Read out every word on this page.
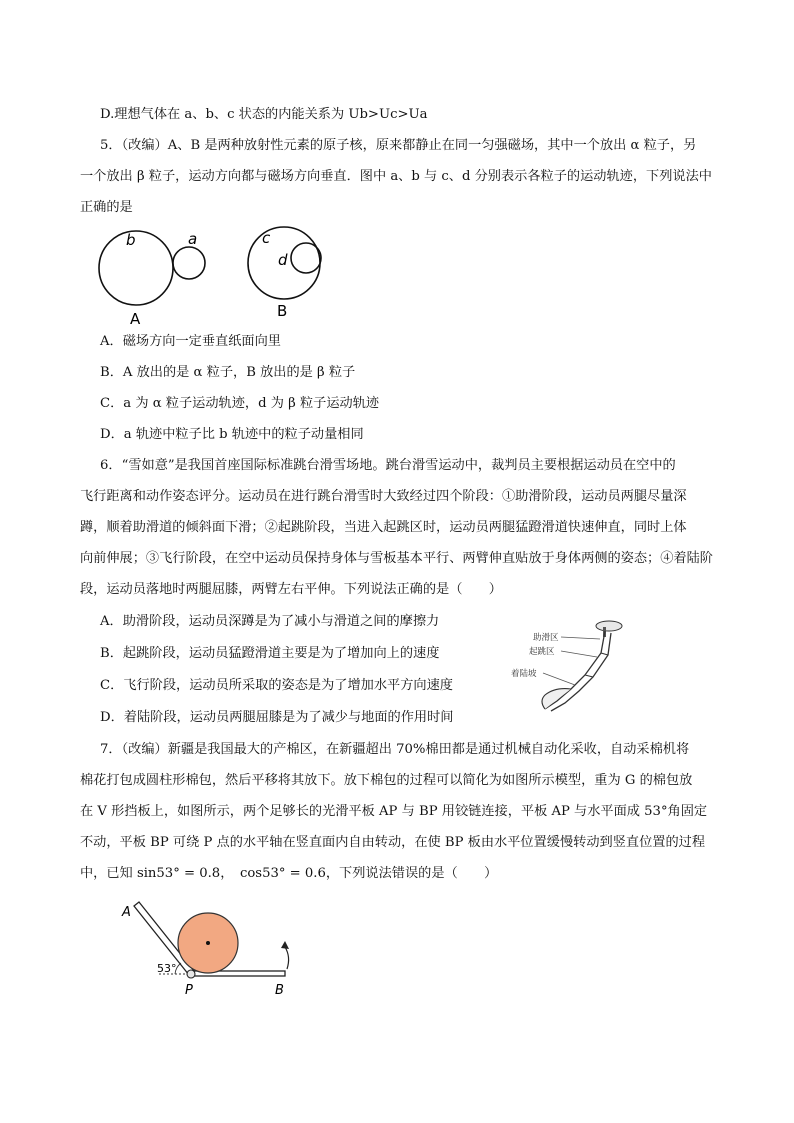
D.理想气体在 a、b、c 状态的内能关系为 Ub>Uc>Ua
5．（改编）A、B 是两种放射性元素的原子核，原来都静止在同一匀强磁场，其中一个放出 α 粒子，另
一个放出 β 粒子，运动方向都与磁场方向垂直．图中 a、b 与 c、d 分别表示各粒子的运动轨迹，下列说法中
正确的是
b	a	c
d
A	B
A．磁场方向一定垂直纸面向里
B．A 放出的是 α 粒子，B 放出的是 β 粒子
C．a 为 α 粒子运动轨迹，d 为 β 粒子运动轨迹
D．a 轨迹中粒子比 b 轨迹中的粒子动量相同
6．“雪如意”是我国首座国际标准跳台滑雪场地。跳台滑雪运动中，裁判员主要根据运动员在空中的
飞行距离和动作姿态评分。运动员在进行跳台滑雪时大致经过四个阶段：①助滑阶段，运动员两腿尽量深
蹲，顺着助滑道的倾斜面下滑；②起跳阶段，当进入起跳区时，运动员两腿猛蹬滑道快速伸直，同时上体
向前伸展；③飞行阶段，在空中运动员保持身体与雪板基本平行、两臂伸直贴放于身体两侧的姿态；④着陆阶
段，运动员落地时两腿屈膝，两臂左右平伸。下列说法正确的是（　　）
A．助滑阶段，运动员深蹲是为了减小与滑道之间的摩擦力
B．起跳阶段，运动员猛蹬滑道主要是为了增加向上的速度
C．飞行阶段，运动员所采取的姿态是为了增加水平方向速度
D．着陆阶段，运动员两腿屈膝是为了减少与地面的作用时间
助滑区
起跳区
着陆坡
7．（改编）新疆是我国最大的产棉区，在新疆超出 70%棉田都是通过机械自动化采收，自动采棉机将
棉花打包成圆柱形棉包，然后平移将其放下。放下棉包的过程可以简化为如图所示模型，重为 G 的棉包放
在 V 形挡板上，如图所示，两个足够长的光滑平板 AP 与 BP 用铰链连接，平板 AP 与水平面成 53°角固定
不动，平板 BP 可绕 P 点的水平轴在竖直面内自由转动，在使 BP 板由水平位置缓慢转动到竖直位置的过程
中，已知 sin53° = 0.8，　cos53° = 0.6，下列说法错误的是（　　）
A
P	B
53°
